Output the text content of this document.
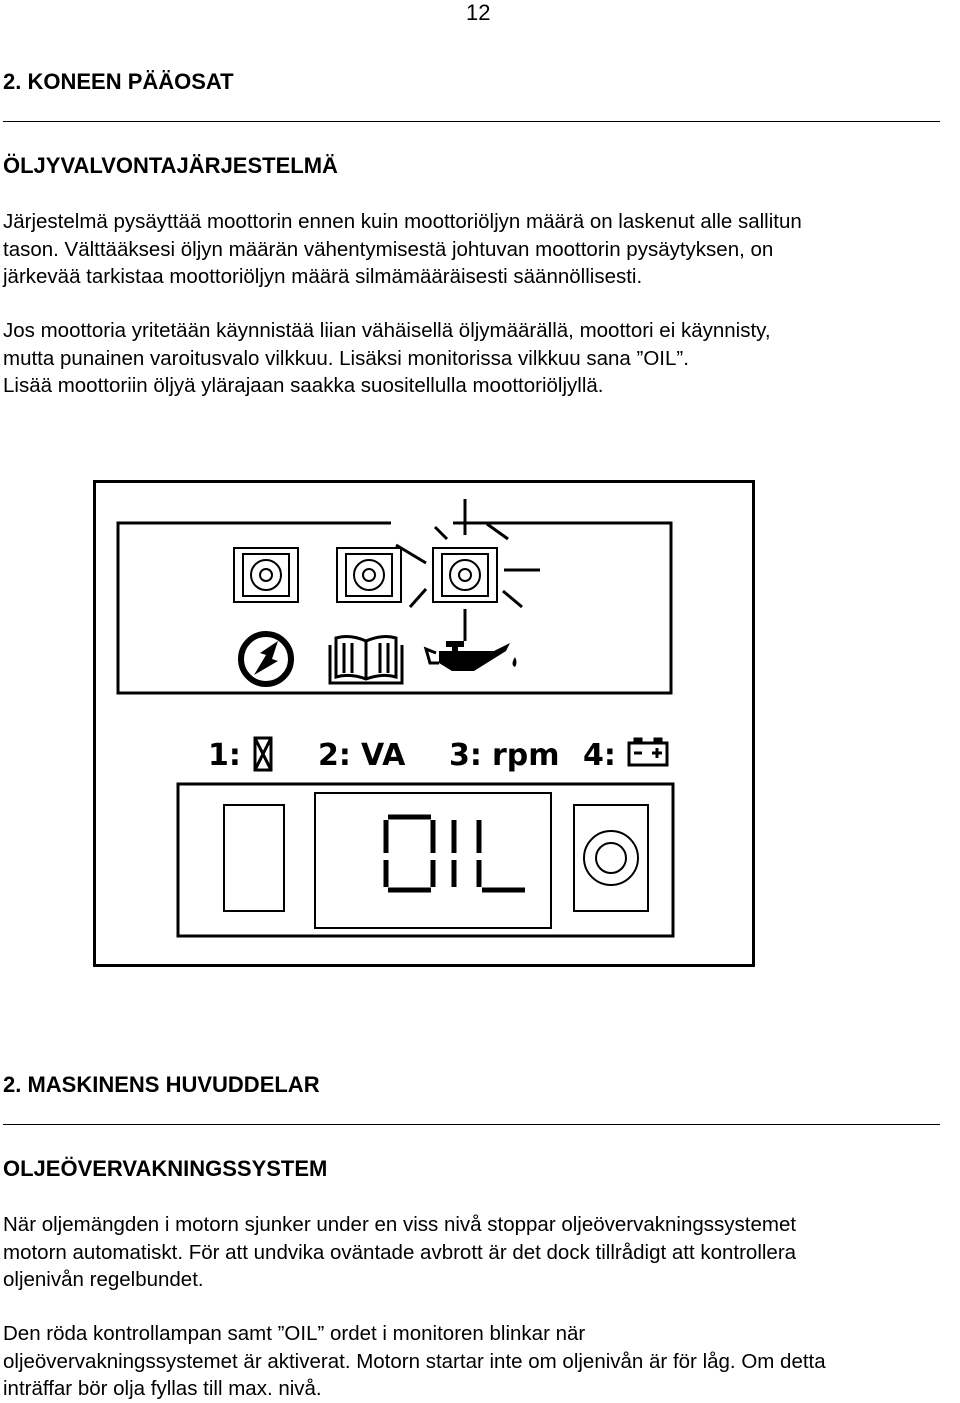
12
2. KONEEN PÄÄOSAT
ÖLJYVALVONTAJÄRJESTELMÄ
Järjestelmä pysäyttää moottorin ennen kuin moottoriöljyn määrä on laskenut alle sallitun
tason. Välttääksesi öljyn määrän vähentymisestä johtuvan moottorin pysäytyksen, on
järkevää tarkistaa moottoriöljyn määrä silmämääräisesti säännöllisesti.
Jos moottoria yritetään käynnistää liian vähäisellä öljymäärällä, moottori ei käynnisty,
mutta punainen varoitusvalo vilkkuu. Lisäksi monitorissa vilkkuu sana ”OIL”.
Lisää moottoriin öljyä ylärajaan saakka suositellulla moottoriöljyllä.
1:	2: VA 3: rpm 4:
2. MASKINENS HUVUDDELAR
OLJEÖVERVAKNINGSSYSTEM
När oljemängden i motorn sjunker under en viss nivå stoppar oljeövervakningssystemet
motorn automatiskt. För att undvika oväntade avbrott är det dock tillrådigt att kontrollera
oljenivån regelbundet.
Den röda kontrollampan samt ”OIL” ordet i monitoren blinkar när
oljeövervakningssystemet är aktiverat. Motorn startar inte om oljenivån är för låg. Om detta
inträffar bör olja fyllas till max. nivå.
